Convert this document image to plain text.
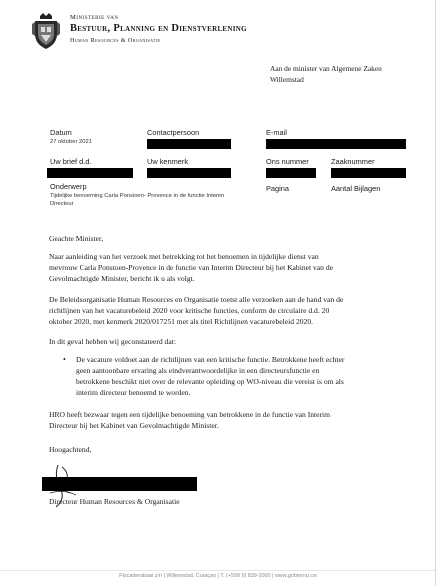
Ministerie van
Bestuur, Planning en Dienstverlening
Human Resources & Organisatie
Aan de minister van Algemene Zaken
Willemstad
Datum
27 oktober 2021
Contactpersoon	E-mail
Uw brief d.d.	Uw kenmerk	Ons nummer	Zaaknummer
Onderwerp
Tijdelijke benoeming Carla Ponsioen- Provence in de functie Interim
Directeur
Pagina	Aantal Bijlagen
Geachte Minister,
Naar aanleiding van het verzoek met betrekking tot het benoemen in tijdelijke dienst van
mevrouw Carla Ponstoen-Provence in de functie van Interim Directeur bij het Kabinet van de
Gevolmachtigde Minister, bericht ik u als volgt.
De Beleidsorganisatie Human Resources en Organisatie toetst alle verzoeken aan de hand van de
richtlijnen van het vacaturebeleid 2020 voor kritische functies, conform de circulaire d.d. 20
oktober 2020, met kenmerk 2020/017251 met als titel Richtlijnen vacaturebeleid 2020.
In dit geval hebben wij geconstateerd dat:
• De vacature voldoet aan de richtlijnen van een kritische functie. Betrokkene heeft echter
geen aantoonbare ervaring als eindverantwoordelijke in een directeursfunctie en
betrokkene beschikt niet over de relevante opleiding op WO-niveau die vereist is om als
interim directeur benoemd te worden.
HRO heeft bezwaar tegen een tijdelijke benoeming van betrokkene in de functie van Interim
Directeur bij het Kabinet van Gevolmachtigde Minister.
Hoogachtend,
Directeur Human Resources & Organisatie
Piscaderabaai z/n | Willemstad, Curaçao | T. (+599 9) 839-2000 | www.gobiernu.cw
